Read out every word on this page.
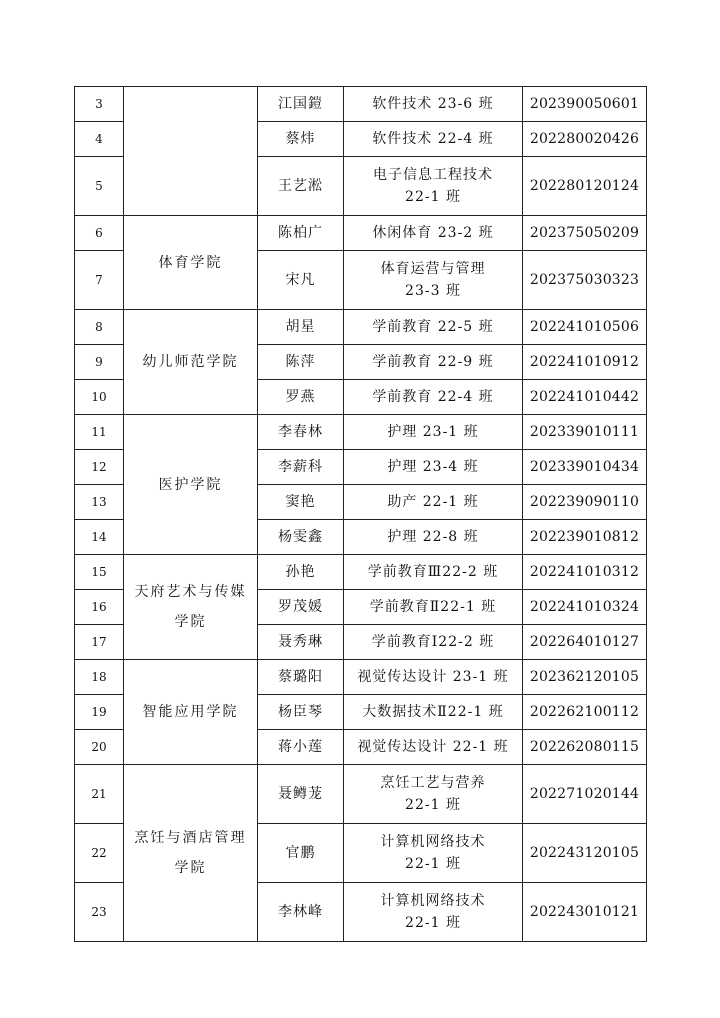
3		江国鎧	软件技术 23-6 班	202390050601
4		蔡炜	软件技术 22-4 班	202280020426
5		王艺淞	电子信息工程技术
22-1 班	202280120124
6	体育学院	陈柏广	休闲体育 23-2 班	202375050209
7		宋凡	体育运营与管理
23-3 班	202375030323
8	幼儿师范学院	胡星	学前教育 22-5 班	202241010506
9		陈萍	学前教育 22-9 班	202241010912
10		罗燕	学前教育 22-4 班	202241010442
11	医护学院	李春林	护理 23-1 班	202339010111
12		李薪科	护理 23-4 班	202339010434
13		窦艳	助产 22-1 班	202239090110
14		杨雯鑫	护理 22-8 班	202239010812
15	天府艺术与传媒
学院	孙艳	学前教育Ⅲ22-2 班	202241010312
16		罗茂媛	学前教育Ⅱ22-1 班	202241010324
17		聂秀琳	学前教育Ⅰ22-2 班	202264010127
18	智能应用学院	蔡璐阳	视觉传达设计 23-1 班	202362120105
19		杨臣琴	大数据技术Ⅱ22-1 班	202262100112
20		蒋小莲	视觉传达设计 22-1 班	202262080115
21	烹饪与酒店管理
学院	聂鳟茏	烹饪工艺与营养
22-1 班	202271020144
22		官鹏	计算机网络技术
22-1 班	202243120105
23		李林峰	计算机网络技术
22-1 班	202243010121
